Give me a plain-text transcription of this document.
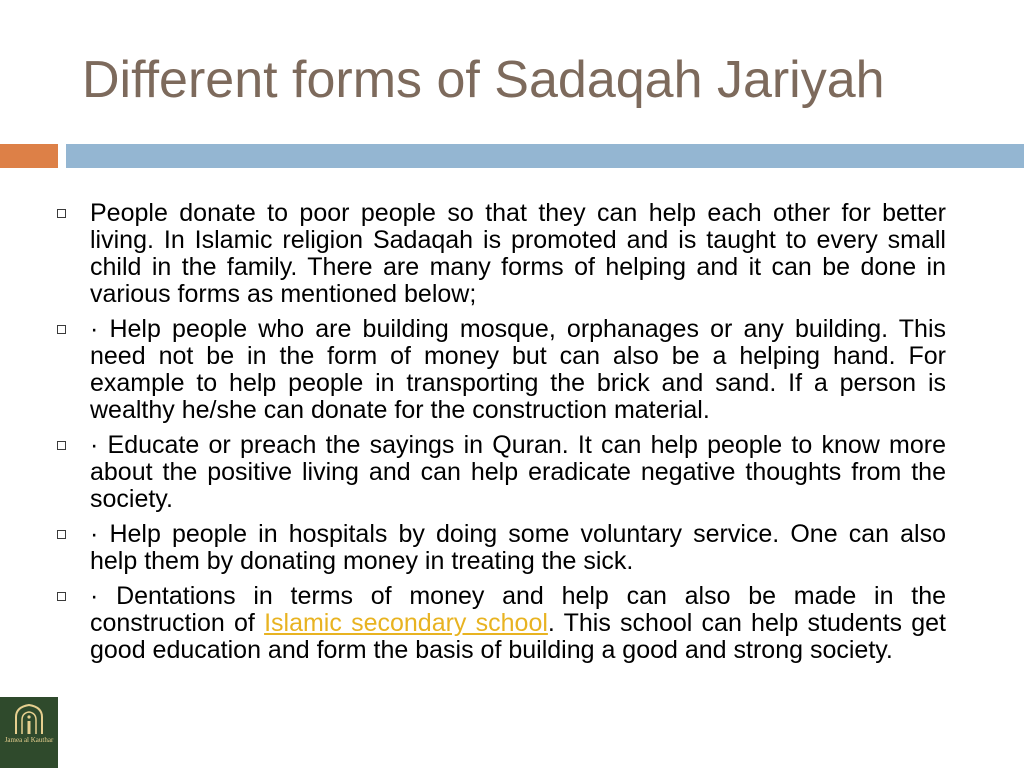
Different forms of Sadaqah Jariyah
People donate to poor people so that they can help each other for better living. In Islamic religion Sadaqah is promoted and is taught to every small child in the family. There are many forms of helping and it can be done in various forms as mentioned below;
· Help people who are building mosque, orphanages or any building. This need not be in the form of money but can also be a helping hand. For example to help people in transporting the brick and sand. If a person is wealthy he/she can donate for the construction material.
· Educate or preach the sayings in Quran. It can help people to know more about the positive living and can help eradicate negative thoughts from the society.
· Help people in hospitals by doing some voluntary service. One can also help them by donating money in treating the sick.
· Dentations in terms of money and help can also be made in the construction of Islamic secondary school. This school can help students get good education and form the basis of building a good and strong society.
Jamea al Kauthar
